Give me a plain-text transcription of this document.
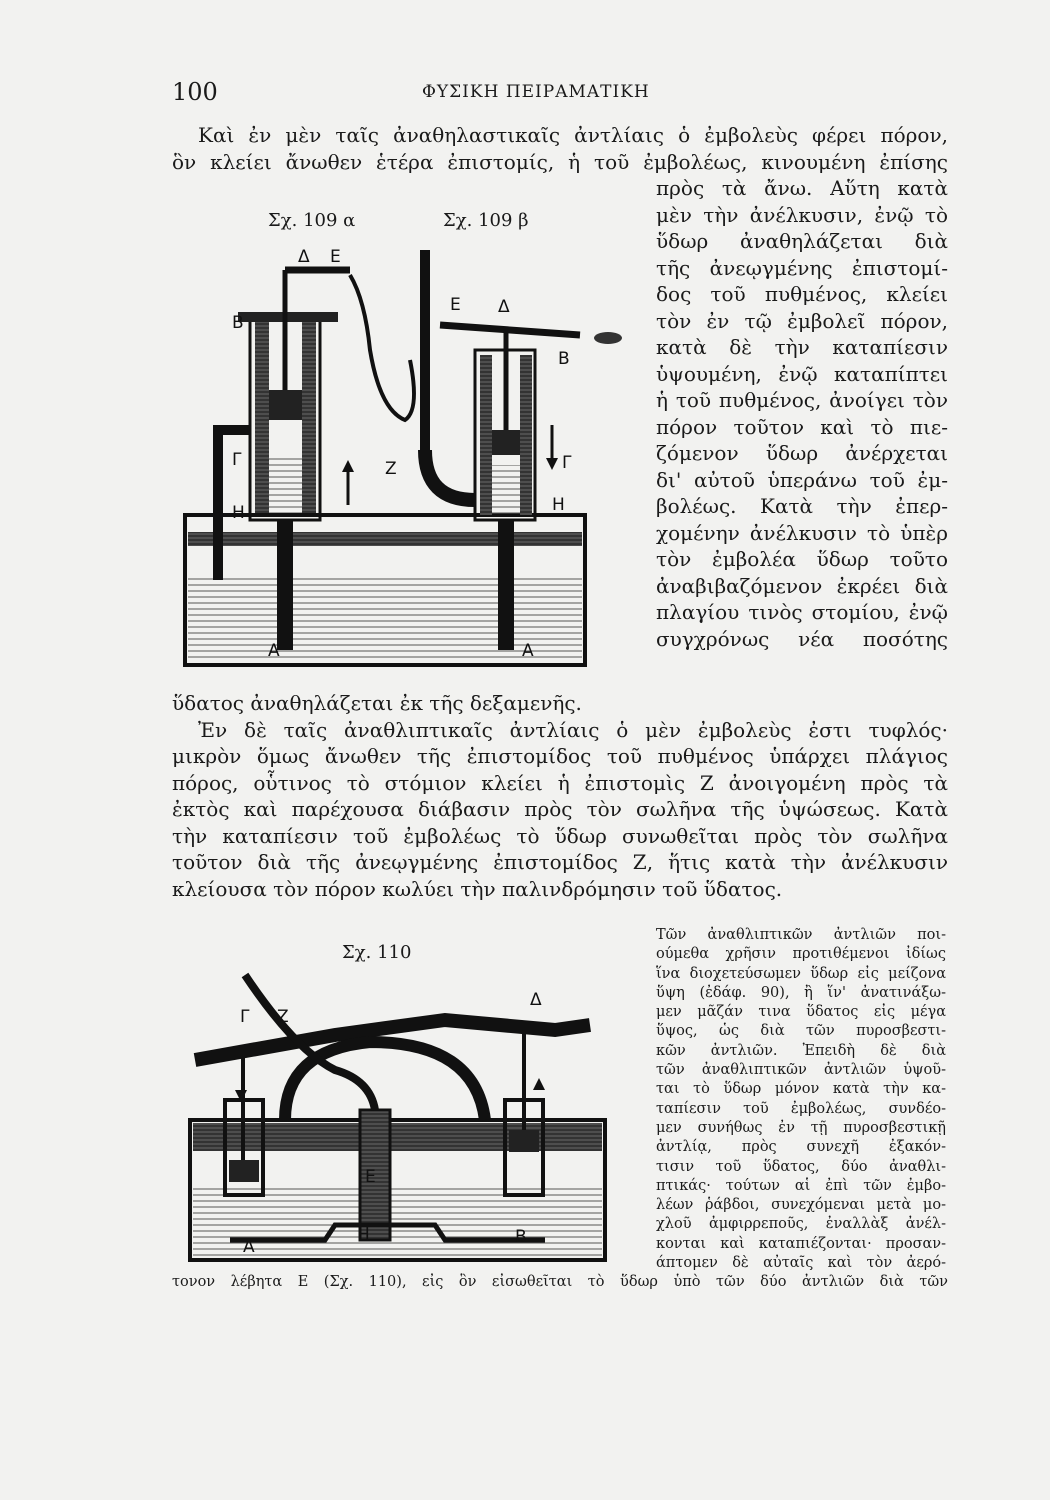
100	ΦΥΣΙΚΗ ΠΕΙΡΑΜΑΤΙΚΗ
Καὶ ἐν μὲν ταῖς ἀναθηλαστικαῖς ἀντλίαις ὁ ἐμβολεὺς φέρει πόρον,
ὃν κλείει ἄνωθεν ἑτέρα ἐπιστομίς, ἡ τοῦ ἐμβολέως, κινουμένη ἐπίσης
πρὸς τὰ ἄνω. Αὕτη κατὰ
μὲν τὴν ἀνέλκυσιν, ἐνῷ τὸ
ὕδωρ ἀναθηλάζεται διὰ
τῆς ἀνεῳγμένης ἐπιστομί-
δος τοῦ πυθμένος, κλείει
τὸν ἐν τῷ ἐμβολεῖ πόρον,
κατὰ δὲ τὴν καταπίεσιν
ὑψουμένη, ἐνῷ καταπίπτει
ἡ τοῦ πυθμένος, ἀνοίγει τὸν
πόρον τοῦτον καὶ τὸ πιε-
ζόμενον ὕδωρ ἀνέρχεται
δι' αὐτοῦ ὑπεράνω τοῦ ἐμ-
βολέως. Κατὰ τὴν ἐπερ-
χομένην ἀνέλκυσιν τὸ ὑπὲρ
τὸν ἐμβολέα ὕδωρ τοῦτο
ἀναβιβαζόμενον ἐκρέει διὰ
πλαγίου τινὸς στομίου, ἐνῷ
συγχρόνως νέα ποσότης
ὕδατος ἀναθηλάζεται ἐκ τῆς δεξαμενῆς.
Ἐν δὲ ταῖς ἀναθλιπτικαῖς ἀντλίαις ὁ μὲν ἐμβολεὺς ἐστι τυφλός·
μικρὸν ὅμως ἄνωθεν τῆς ἐπιστομίδος τοῦ πυθμένος ὑπάρχει πλάγιος
πόρος, οὗτινος τὸ στόμιον κλείει ἡ ἐπιστομὶς Ζ ἀνοιγομένη πρὸς τὰ
ἐκτὸς καὶ παρέχουσα διάβασιν πρὸς τὸν σωλῆνα τῆς ὑψώσεως. Κατὰ
τὴν καταπίεσιν τοῦ ἐμβολέως τὸ ὕδωρ συνωθεῖται πρὸς τὸν σωλῆνα
τοῦτον διὰ τῆς ἀνεῳγμένης ἐπιστομίδος Ζ, ἥτις κατὰ τὴν ἀνέλκυσιν
κλείουσα τὸν πόρον κωλύει τὴν παλινδρόμησιν τοῦ ὕδατος.
Τῶν ἀναθλιπτικῶν ἀντλιῶν ποι-
ούμεθα χρῆσιν προτιθέμενοι ἰδίως
ἵνα διοχετεύσωμεν ὕδωρ εἰς μείζονα
ὕψη (ἐδάφ. 90), ἢ ἵν' ἀνατινάξω-
μεν μᾶζάν τινα ὕδατος εἰς μέγα
ὕψος, ὡς διὰ τῶν πυροσβεστι-
κῶν ἀντλιῶν. Ἐπειδὴ δὲ διὰ
τῶν ἀναθλιπτικῶν ἀντλιῶν ὑψοῦ-
ται τὸ ὕδωρ μόνον κατὰ τὴν κα-
ταπίεσιν τοῦ ἐμβολέως, συνδέο-
μεν συνήθως ἐν τῇ πυροσβεστικῇ
ἀντλίᾳ, πρὸς συνεχῆ ἐξακόν-
τισιν τοῦ ὕδατος, δύο ἀναθλι-
πτικάς· τούτων αἱ ἐπὶ τῶν ἐμβο-
λέων ῥάβδοι, συνεχόμεναι μετὰ μο-
χλοῦ ἀμφιρρεποῦς, ἐναλλὰξ ἀνέλ-
κονται καὶ καταπιέζονται· προσαν-
άπτομεν δὲ αὐταῖς καὶ τὸν ἀερό-
τονον λέβητα Ε (Σχ. 110), εἰς ὃν εἰσωθεῖται τὸ ὕδωρ ὑπὸ τῶν δύο ἀντλιῶν διὰ τῶν
Σχ. 109 α	Σχ. 109 β
Σχ. 110
Δ Ε
Β
Γ
Η
Α
Ε Δ
Β
Ζ	Γ
Η
Α
Γ Ζ
Δ
Ε
Α
Η	Β
